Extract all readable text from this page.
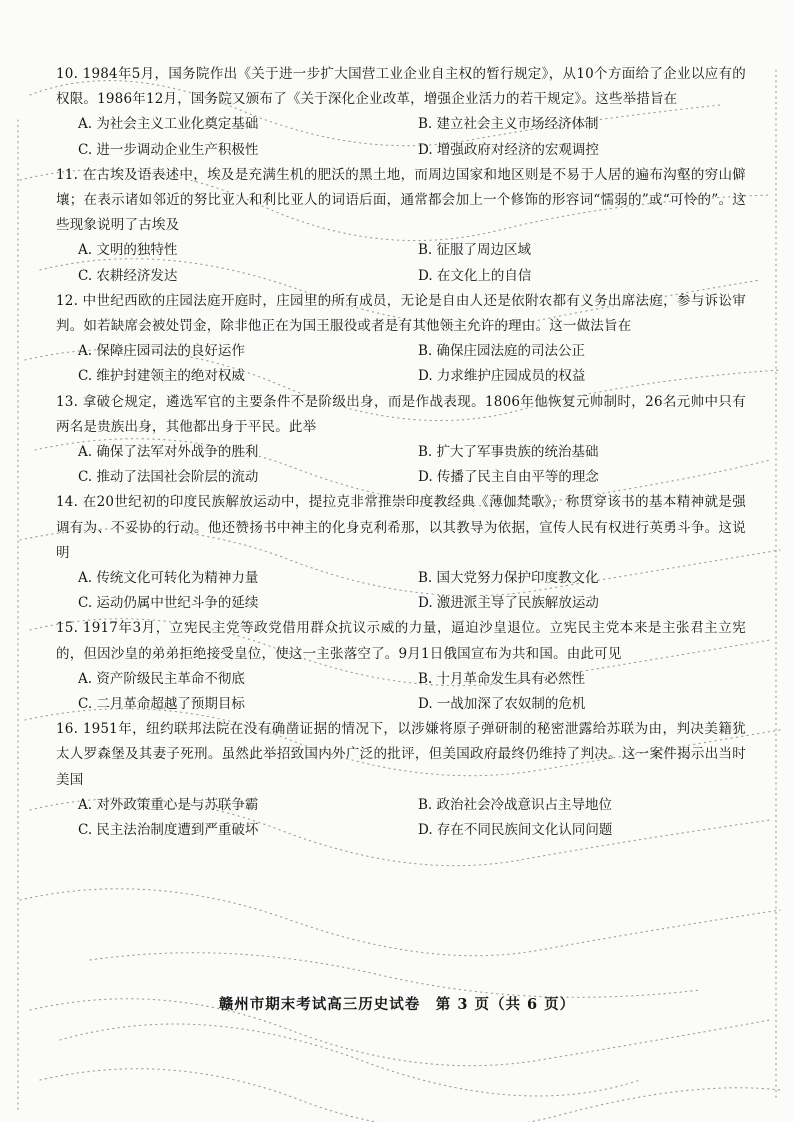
10. 1984年5月，国务院作出《关于进一步扩大国营工业企业自主权的暂行规定》，从10个方面给了企业以应有的权限。1986年12月，国务院又颁布了《关于深化企业改革，增强企业活力的若干规定》。这些举措旨在

A. 为社会主义工业化奠定基础	B. 建立社会主义市场经济体制
C. 进一步调动企业生产积极性	D. 增强政府对经济的宏观调控

11. 在古埃及语表述中，埃及是充满生机的肥沃的黑土地，而周边国家和地区则是不易于人居的遍布沟壑的穷山僻壤；在表示诸如邻近的努比亚人和利比亚人的词语后面，通常都会加上一个修饰的形容词“懦弱的”或“可怜的”。这些现象说明了古埃及

A. 文明的独特性	B. 征服了周边区域
C. 农耕经济发达	D. 在文化上的自信

12. 中世纪西欧的庄园法庭开庭时，庄园里的所有成员，无论是自由人还是依附农都有义务出席法庭，参与诉讼审判。如若缺席会被处罚金，除非他正在为国王服役或者是有其他领主允许的理由。这一做法旨在

A. 保障庄园司法的良好运作	B. 确保庄园法庭的司法公正
C. 维护封建领主的绝对权威	D. 力求维护庄园成员的权益

13. 拿破仑规定，遴选军官的主要条件不是阶级出身，而是作战表现。1806年他恢复元帅制时，26名元帅中只有两名是贵族出身，其他都出身于平民。此举

A. 确保了法军对外战争的胜利	B. 扩大了军事贵族的统治基础
C. 推动了法国社会阶层的流动	D. 传播了民主自由平等的理念

14. 在20世纪初的印度民族解放运动中，提拉克非常推崇印度教经典《薄伽梵歌》，称贯穿该书的基本精神就是强调有为、不妥协的行动。他还赞扬书中神主的化身克利希那，以其教导为依据，宣传人民有权进行英勇斗争。这说明

A. 传统文化可转化为精神力量	B. 国大党努力保护印度教文化
C. 运动仍属中世纪斗争的延续	D. 激进派主导了民族解放运动

15. 1917年3月，立宪民主党等政党借用群众抗议示威的力量，逼迫沙皇退位。立宪民主党本来是主张君主立宪的，但因沙皇的弟弟拒绝接受皇位，使这一主张落空了。9月1日俄国宣布为共和国。由此可见

A. 资产阶级民主革命不彻底	B. 十月革命发生具有必然性
C. 二月革命超越了预期目标	D. 一战加深了农奴制的危机

16. 1951年，纽约联邦法院在没有确凿证据的情况下，以涉嫌将原子弹研制的秘密泄露给苏联为由，判决美籍犹太人罗森堡及其妻子死刑。虽然此举招致国内外广泛的批评，但美国政府最终仍维持了判决。这一案件揭示出当时美国

A. 对外政策重心是与苏联争霸	B. 政治社会冷战意识占主导地位
C. 民主法治制度遭到严重破坏	D. 存在不同民族间文化认同问题
赣州市期末考试高三历史试卷　第 3 页（共 6 页）
